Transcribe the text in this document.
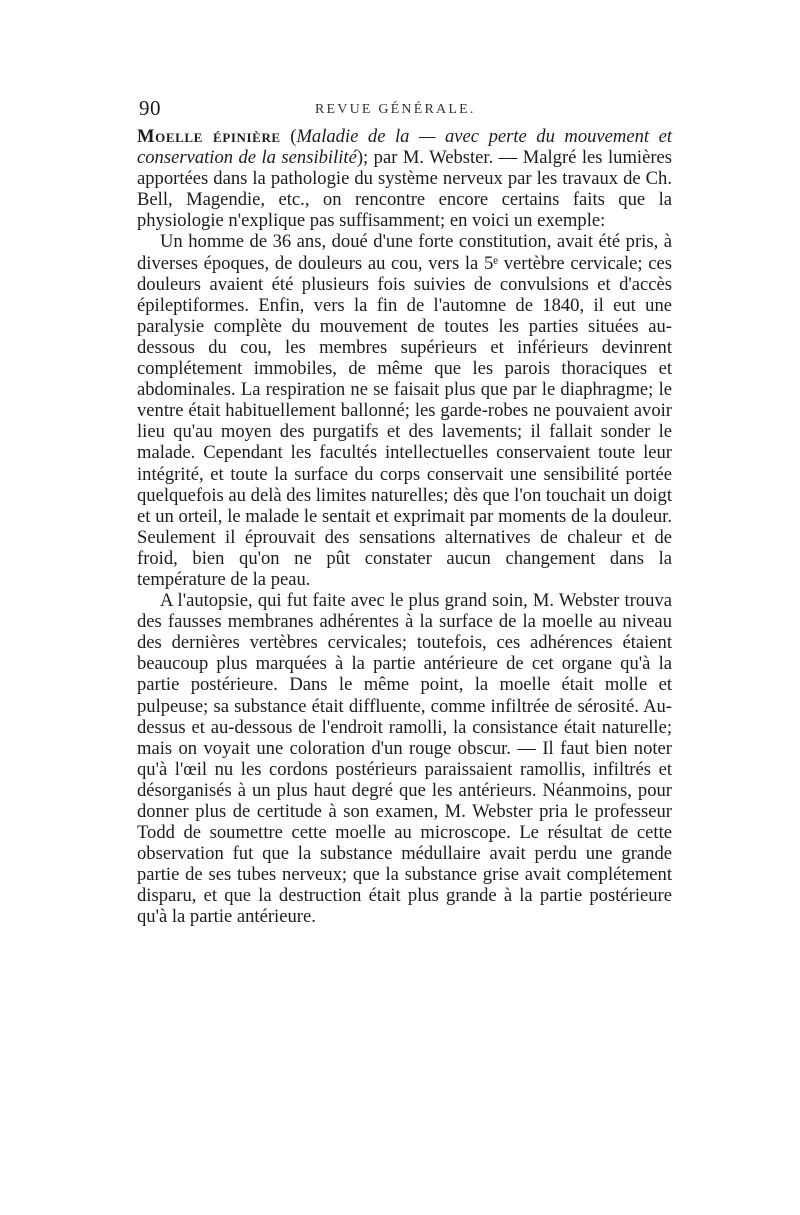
90	REVUE GÉNÉRALE.

Moelle épinière (Maladie de la — avec perte du mouvement et conservation de la sensibilité); par M. Webster. — Malgré les lumières apportées dans la pathologie du système nerveux par les travaux de Ch. Bell, Magendie, etc., on rencontre encore certains faits que la physiologie n'explique pas suffisamment; en voici un exemple:

Un homme de 36 ans, doué d'une forte constitution, avait été pris, à diverses époques, de douleurs au cou, vers la 5ᵉ vertèbre cervicale; ces douleurs avaient été plusieurs fois suivies de convulsions et d'accès épileptiformes. Enfin, vers la fin de l'automne de 1840, il eut une paralysie complète du mouvement de toutes les parties situées au-dessous du cou, les membres supérieurs et inférieurs devinrent complétement immobiles, de même que les parois thoraciques et abdominales. La respiration ne se faisait plus que par le diaphragme; le ventre était habituellement ballonné; les garde-robes ne pouvaient avoir lieu qu'au moyen des purgatifs et des lavements; il fallait sonder le malade. Cependant les facultés intellectuelles conservaient toute leur intégrité, et toute la surface du corps conservait une sensibilité portée quelquefois au delà des limites naturelles; dès que l'on touchait un doigt et un orteil, le malade le sentait et exprimait par moments de la douleur. Seulement il éprouvait des sensations alternatives de chaleur et de froid, bien qu'on ne pût constater aucun changement dans la température de la peau.

A l'autopsie, qui fut faite avec le plus grand soin, M. Webster trouva des fausses membranes adhérentes à la surface de la moelle au niveau des dernières vertèbres cervicales; toutefois, ces adhérences étaient beaucoup plus marquées à la partie antérieure de cet organe qu'à la partie postérieure. Dans le même point, la moelle était molle et pulpeuse; sa substance était diffluente, comme infiltrée de sérosité. Au-dessus et au-dessous de l'endroit ramolli, la consistance était naturelle; mais on voyait une coloration d'un rouge obscur. — Il faut bien noter qu'à l'œil nu les cordons postérieurs paraissaient ramollis, infiltrés et désorganisés à un plus haut degré que les antérieurs. Néanmoins, pour donner plus de certitude à son examen, M. Webster pria le professeur Todd de soumettre cette moelle au microscope. Le résultat de cette observation fut que la substance médullaire avait perdu une grande partie de ses tubes nerveux; que la substance grise avait complétement disparu, et que la destruction était plus grande à la partie postérieure qu'à la partie antérieure.
